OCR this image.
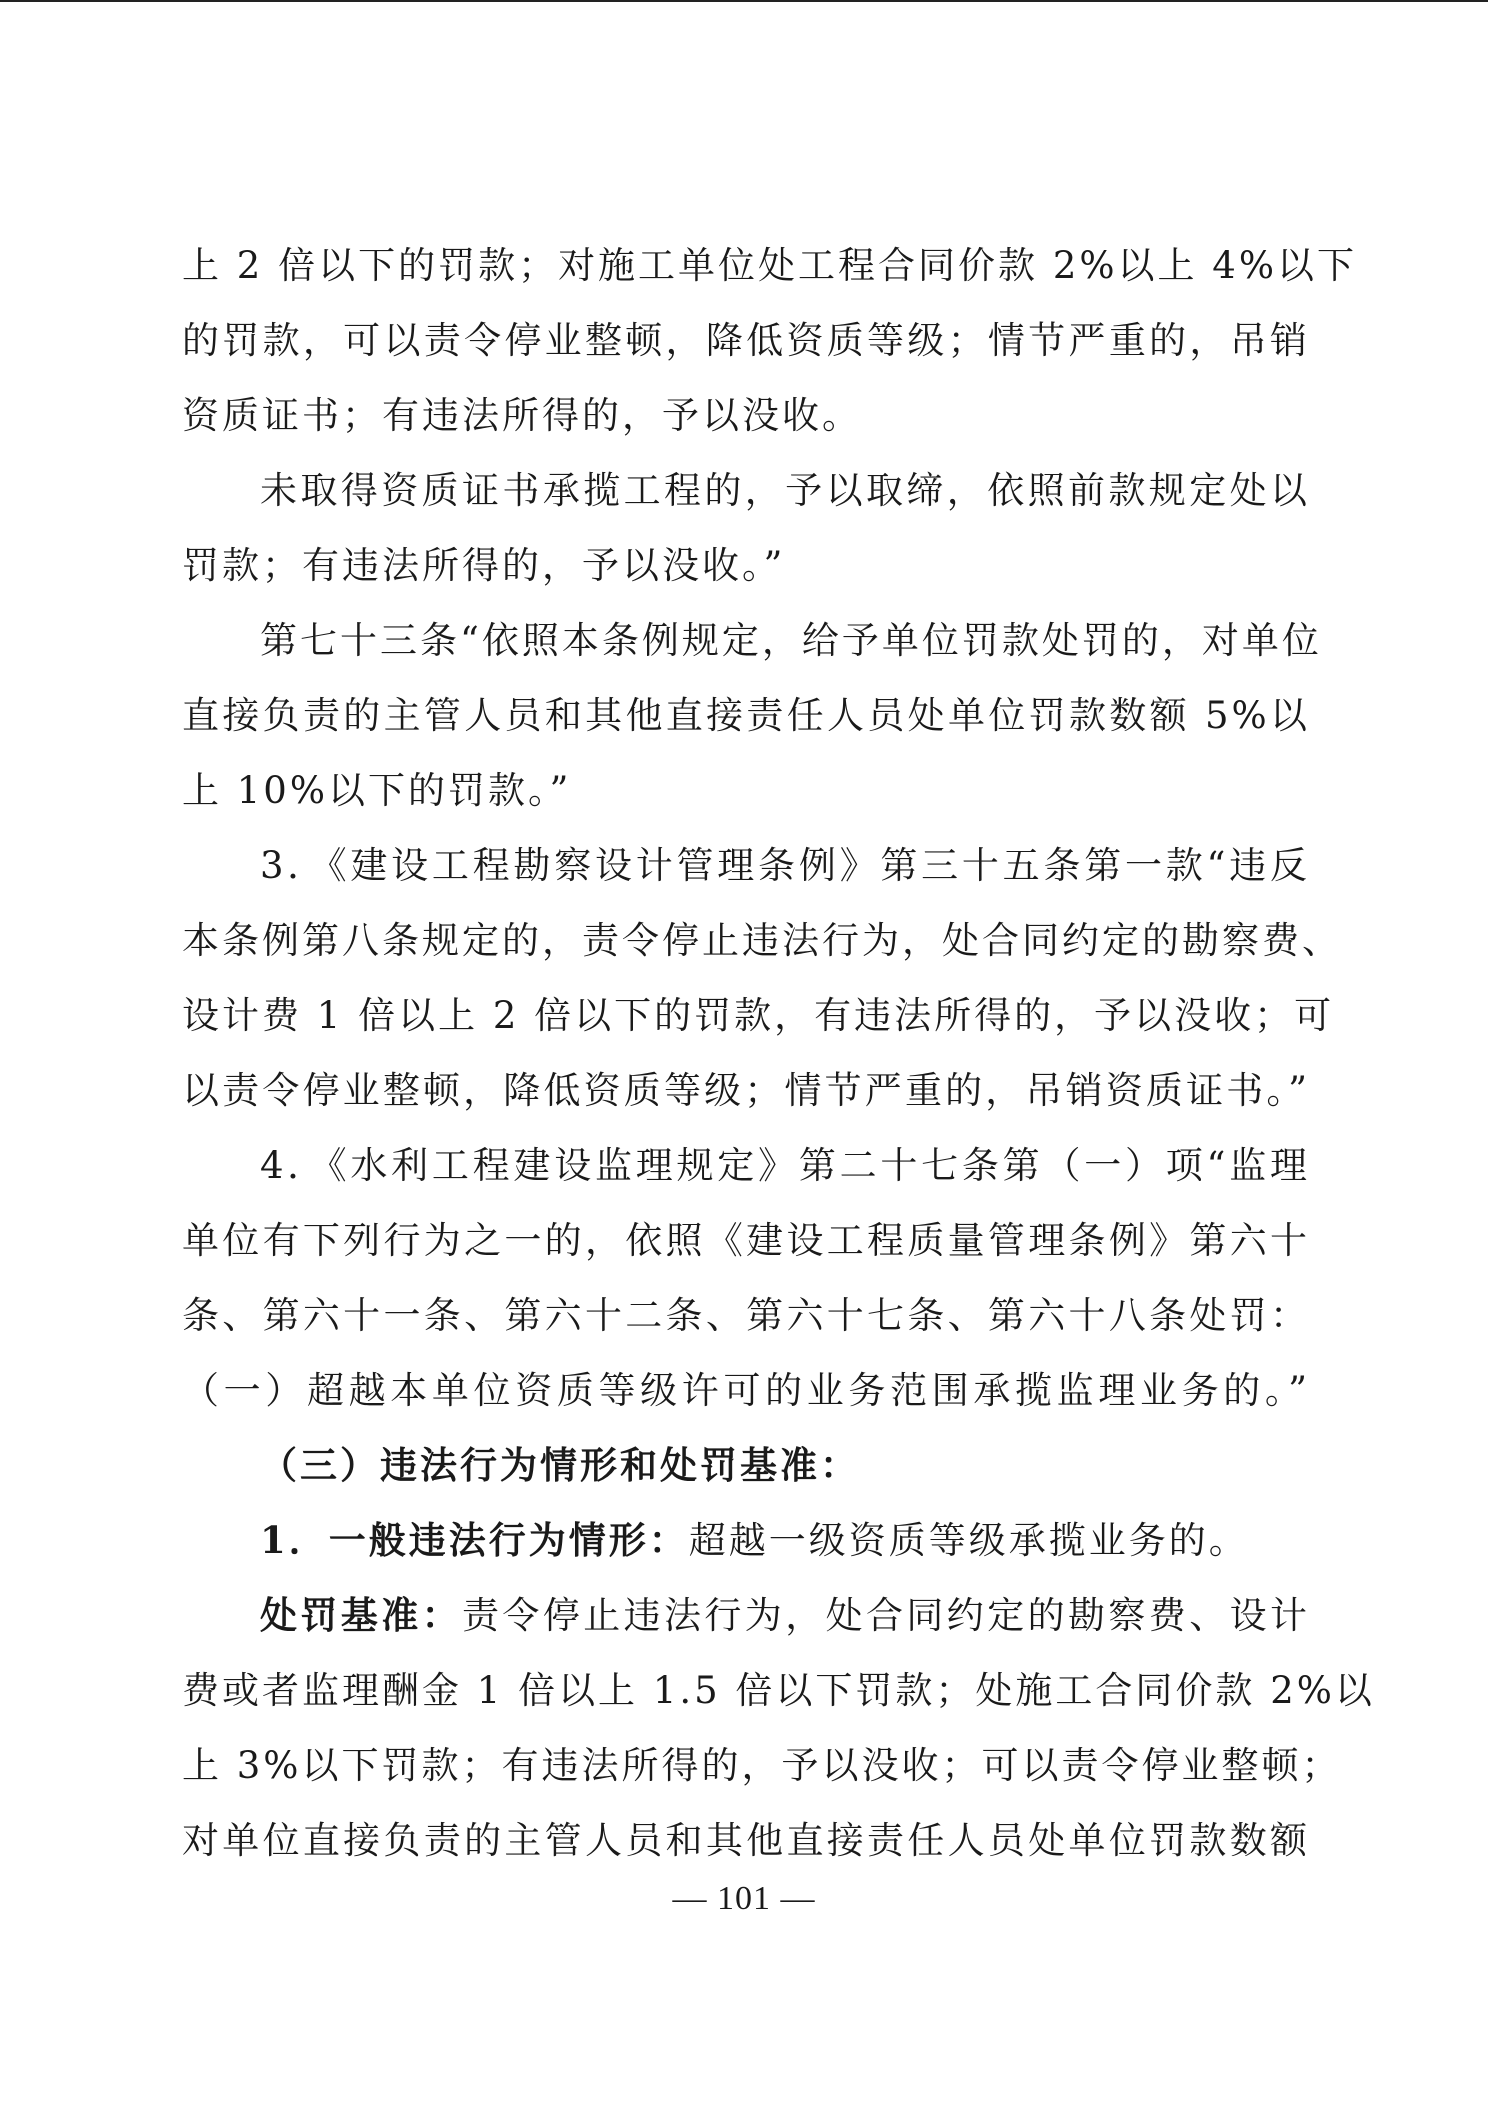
上 2 倍以下的罚款；对施工单位处工程合同价款 2%以上 4%以下
的罚款，可以责令停业整顿，降低资质等级；情节严重的，吊销
资质证书；有违法所得的，予以没收。
未取得资质证书承揽工程的，予以取缔，依照前款规定处以
罚款；有违法所得的，予以没收。”
第七十三条“依照本条例规定，给予单位罚款处罚的，对单位
直接负责的主管人员和其他直接责任人员处单位罚款数额 5%以
上 10%以下的罚款。”
3．《建设工程勘察设计管理条例》第三十五条第一款“违反
本条例第八条规定的，责令停止违法行为，处合同约定的勘察费、
设计费 1 倍以上 2 倍以下的罚款，有违法所得的，予以没收；可
以责令停业整顿，降低资质等级；情节严重的，吊销资质证书。”
4．《水利工程建设监理规定》第二十七条第（一）项“监理
单位有下列行为之一的，依照《建设工程质量管理条例》第六十
条、第六十一条、第六十二条、第六十七条、第六十八条处罚：
（一）超越本单位资质等级许可的业务范围承揽监理业务的。”
（三）违法行为情形和处罚基准：
1．一般违法行为情形：超越一级资质等级承揽业务的。
处罚基准：责令停止违法行为，处合同约定的勘察费、设计
费或者监理酬金 1 倍以上 1.5 倍以下罚款；处施工合同价款 2%以
上 3%以下罚款；有违法所得的，予以没收；可以责令停业整顿；
对单位直接负责的主管人员和其他直接责任人员处单位罚款数额
— 101 —
